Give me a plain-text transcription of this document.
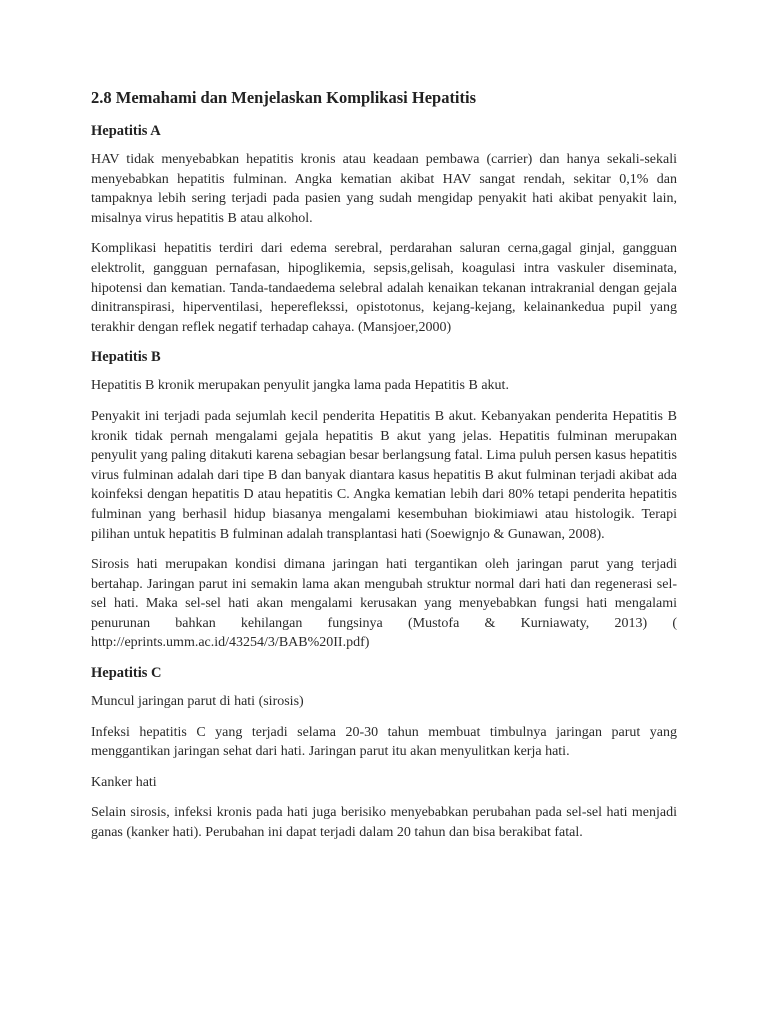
2.8 Memahami dan Menjelaskan Komplikasi Hepatitis
Hepatitis A

HAV tidak menyebabkan hepatitis kronis atau keadaan pembawa (carrier) dan hanya sekali-sekali menyebabkan hepatitis fulminan. Angka kematian akibat HAV sangat rendah, sekitar 0,1% dan tampaknya lebih sering terjadi pada pasien yang sudah mengidap penyakit hati akibat penyakit lain, misalnya virus hepatitis B atau alkohol.

Komplikasi hepatitis terdiri dari edema serebral, perdarahan saluran cerna,gagal ginjal, gangguan elektrolit, gangguan pernafasan, hipoglikemia, sepsis,gelisah, koagulasi intra vaskuler diseminata, hipotensi dan kematian. Tanda-tandaedema selebral adalah kenaikan tekanan intrakranial dengan gejala dinitranspirasi, hiperventilasi, hepereflekssi, opistotonus, kejang-kejang, kelainankedua pupil yang terakhir dengan reflek negatif terhadap cahaya. (Mansjoer,2000)

Hepatitis B

Hepatitis B kronik merupakan penyulit jangka lama pada Hepatitis B akut.

Penyakit ini terjadi pada sejumlah kecil penderita Hepatitis B akut. Kebanyakan penderita Hepatitis B kronik tidak pernah mengalami gejala hepatitis B akut yang jelas. Hepatitis fulminan merupakan penyulit yang paling ditakuti karena sebagian besar berlangsung fatal. Lima puluh persen kasus hepatitis virus fulminan adalah dari tipe B dan banyak diantara kasus hepatitis B akut fulminan terjadi akibat ada koinfeksi dengan hepatitis D atau hepatitis C. Angka kematian lebih dari 80% tetapi penderita hepatitis fulminan yang berhasil hidup biasanya mengalami kesembuhan biokimiawi atau histologik. Terapi pilihan untuk hepatitis B fulminan adalah transplantasi hati (Soewignjo & Gunawan, 2008).

Sirosis hati merupakan kondisi dimana jaringan hati tergantikan oleh jaringan parut yang terjadi bertahap. Jaringan parut ini semakin lama akan mengubah struktur normal dari hati dan regenerasi sel-sel hati. Maka sel-sel hati akan mengalami kerusakan yang menyebabkan fungsi hati mengalami penurunan bahkan kehilangan fungsinya (Mustofa & Kurniawaty, 2013) ( http://eprints.umm.ac.id/43254/3/BAB%20II.pdf)

Hepatitis C

Muncul jaringan parut di hati (sirosis)

Infeksi hepatitis C yang terjadi selama 20-30 tahun membuat timbulnya jaringan parut yang menggantikan jaringan sehat dari hati. Jaringan parut itu akan menyulitkan kerja hati.

Kanker hati

Selain sirosis, infeksi kronis pada hati juga berisiko menyebabkan perubahan pada sel-sel hati menjadi ganas (kanker hati). Perubahan ini dapat terjadi dalam 20 tahun dan bisa berakibat fatal.
